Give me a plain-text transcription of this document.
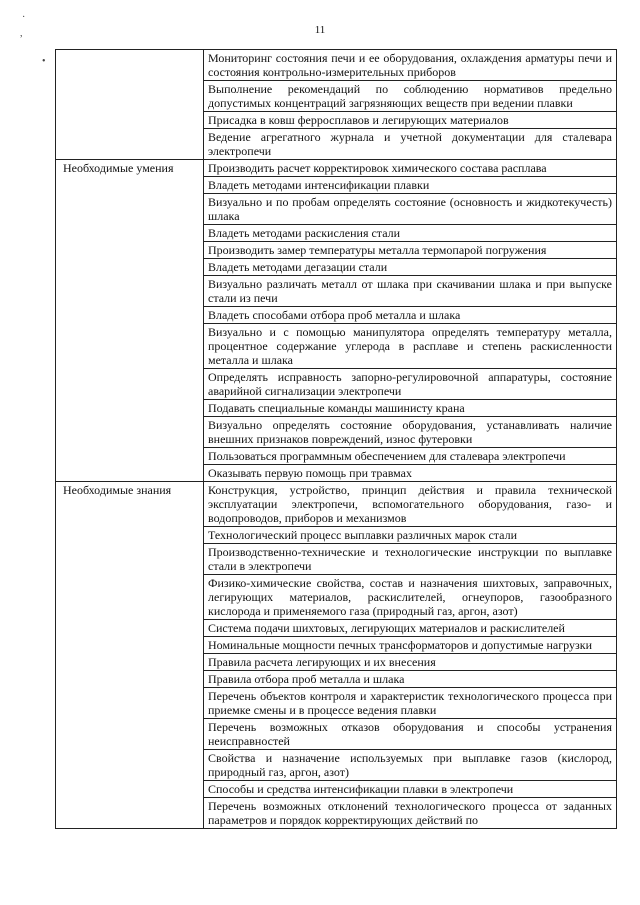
·
,
•
11
	Мониторинг состояния печи и ее оборудования, охлаждения арматуры печи и состояния контрольно-измерительных приборов
	Выполнение рекомендаций по соблюдению нормативов предельно допустимых концентраций загрязняющих веществ при ведении плавки
	Присадка в ковш ферросплавов и легирующих материалов
	Ведение агрегатного журнала и учетной документации для сталевара электропечи
Необходимые умения	Производить расчет корректировок химического состава расплава
	Владеть методами интенсификации плавки
	Визуально и по пробам определять состояние (основность и жидкотекучесть) шлака
	Владеть методами раскисления стали
	Производить замер температуры металла термопарой погружения
	Владеть методами дегазации стали
	Визуально различать металл от шлака при скачивании шлака и при выпуске стали из печи
	Владеть способами отбора проб металла и шлака
	Визуально и с помощью манипулятора определять температуру металла, процентное содержание углерода в расплаве и степень раскисленности металла и шлака
	Определять исправность запорно-регулировочной аппаратуры, состояние аварийной сигнализации электропечи
	Подавать специальные команды машинисту крана
	Визуально определять состояние оборудования, устанавливать наличие внешних признаков повреждений, износ футеровки
	Пользоваться программным обеспечением для сталевара электропечи
	Оказывать первую помощь при травмах
Необходимые знания	Конструкция, устройство, принцип действия и правила технической эксплуатации электропечи, вспомогательного оборудования, газо- и водопроводов, приборов и механизмов
	Технологический процесс выплавки различных марок стали
	Производственно-технические и технологические инструкции по выплавке стали в электропечи
	Физико-химические свойства, состав и назначения шихтовых, заправочных, легирующих материалов, раскислителей, огнеупоров, газообразного кислорода и применяемого газа (природный газ, аргон, азот)
	Система подачи шихтовых, легирующих материалов и раскислителей
	Номинальные мощности печных трансформаторов и допустимые нагрузки
	Правила расчета легирующих и их внесения
	Правила отбора проб металла и шлака
	Перечень объектов контроля и характеристик технологического процесса при приемке смены и в процессе ведения плавки
	Перечень возможных отказов оборудования и способы устранения неисправностей
	Свойства и назначение используемых при выплавке газов (кислород, природный газ, аргон, азот)
	Способы и средства интенсификации плавки в электропечи
	Перечень возможных отклонений технологического процесса от заданных параметров и порядок корректирующих действий по
